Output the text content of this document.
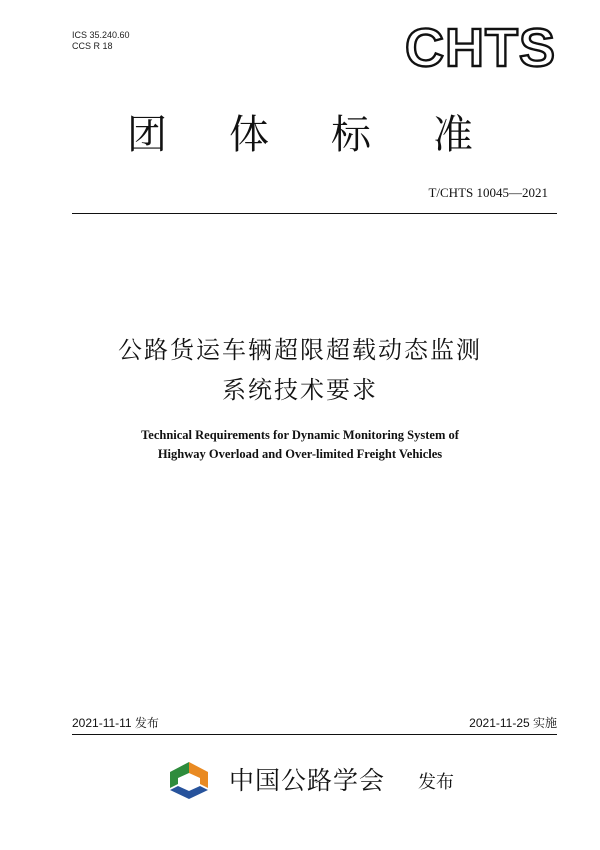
ICS 35.240.60
CCS R 18	CHTS
团体标准
T/CHTS 10045—2021
公路货运车辆超限超载动态监测
系统技术要求
Technical Requirements for Dynamic Monitoring System of
Highway Overload and Over-limited Freight Vehicles
2021-11-11 发布	2021-11-25 实施
中国公路学会 发布
